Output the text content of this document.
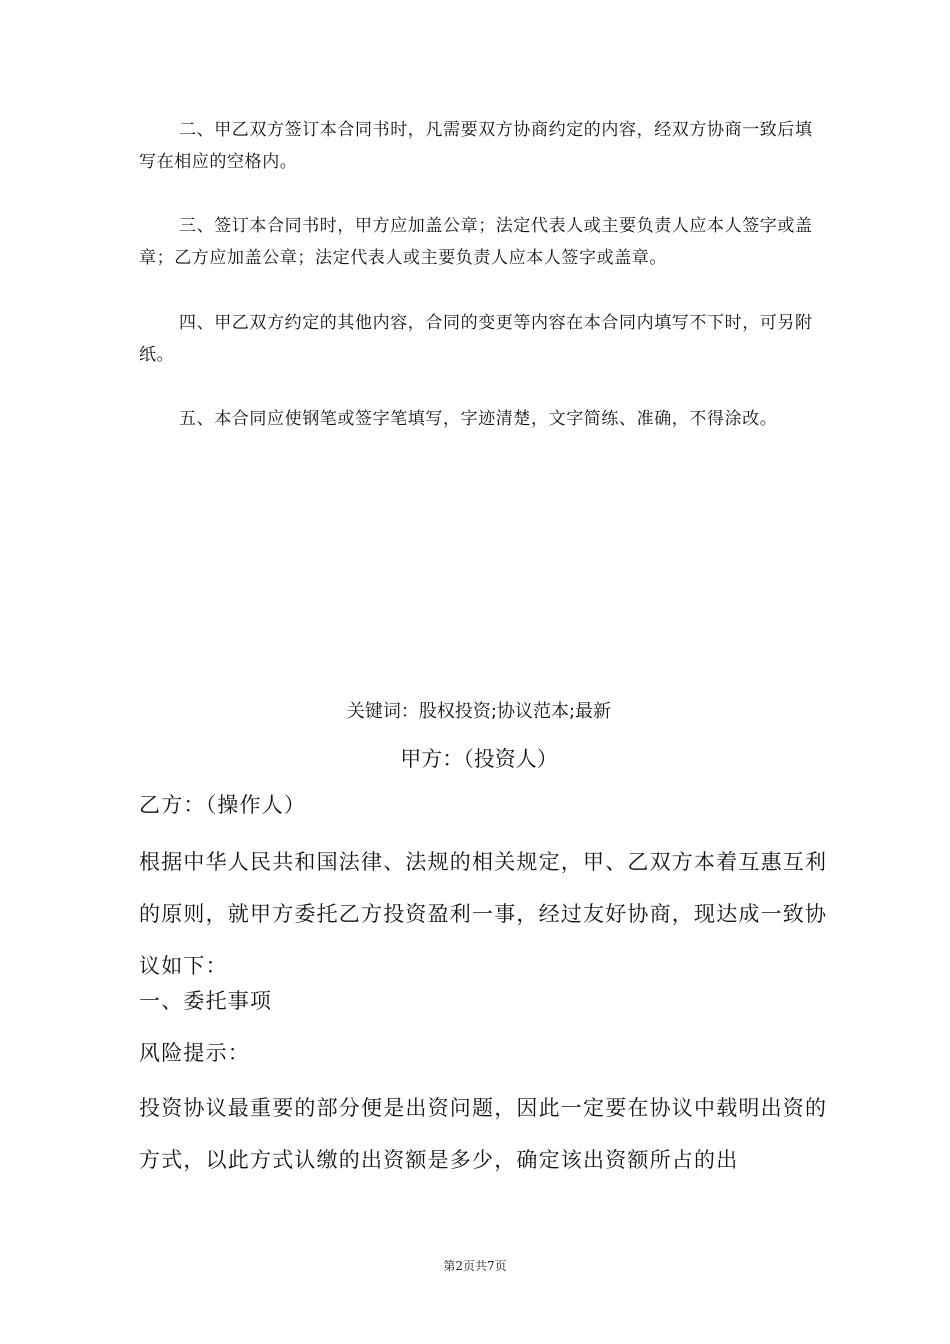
二、甲乙双方签订本合同书时，凡需要双方协商约定的内容，经双方协商一致后填写在相应的空格内。

三、签订本合同书时，甲方应加盖公章；法定代表人或主要负责人应本人签字或盖章；乙方应加盖公章；法定代表人或主要负责人应本人签字或盖章。

四、甲乙双方约定的其他内容，合同的变更等内容在本合同内填写不下时，可另附纸。

五、本合同应使钢笔或签字笔填写，字迹清楚，文字简练、准确，不得涂改。

关键词：股权投资;协议范本;最新

甲方：（投资人）

乙方：（操作人）

根据中华人民共和国法律、法规的相关规定，甲、乙双方本着互惠互利的原则，就甲方委托乙方投资盈利一事，经过友好协商，现达成一致协议如下：

一、委托事项

风险提示：

投资协议最重要的部分便是出资问题，因此一定要在协议中载明出资的方式，以此方式认缴的出资额是多少，确定该出资额所占的出

第2页共7页
